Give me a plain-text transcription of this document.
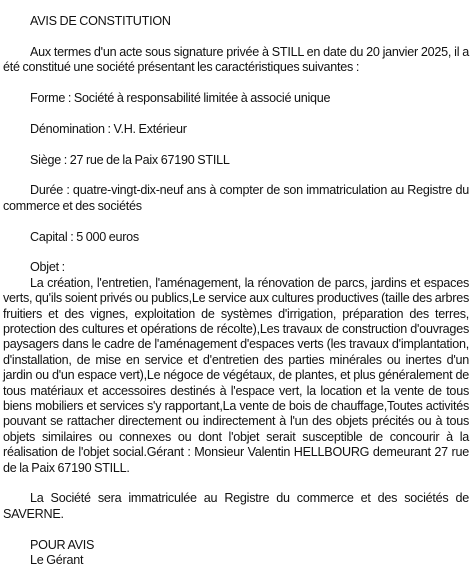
AVIS DE CONSTITUTION

Aux termes d'un acte sous signature privée à STILL en date du 20 janvier 2025, il a été constitué une société présentant les caractéristiques suivantes :

Forme : Société à responsabilité limitée à associé unique

Dénomination : V.H. Extérieur

Siège : 27 rue de la Paix 67190 STILL

Durée : quatre-vingt-dix-neuf ans à compter de son immatriculation au Registre du commerce et des sociétés

Capital : 5 000 euros

Objet :

La création, l'entretien, l'aménagement, la rénovation de parcs, jardins et espaces verts, qu'ils soient privés ou publics,Le service aux cultures productives (taille des arbres fruitiers et des vignes, exploitation de systèmes d'irrigation, préparation des terres, protection des cultures et opérations de récolte),Les travaux de construction d'ouvrages paysagers dans le cadre de l'aménagement d'espaces verts (les travaux d'implantation, d'installation, de mise en service et d'entretien des parties minérales ou inertes d'un jardin ou d'un espace vert),Le négoce de végétaux, de plantes, et plus généralement de tous matériaux et accessoires destinés à l'espace vert, la location et la vente de tous biens mobiliers et services s'y rapportant,La vente de bois de chauffage,Toutes activités pouvant se rattacher directement ou indirectement à l'un des objets précités ou à tous objets similaires ou connexes ou dont l'objet serait susceptible de concourir à la réalisation de l'objet social.Gérant : Monsieur Valentin HELLBOURG demeurant 27 rue de la Paix 67190 STILL.

La Société sera immatriculée au Registre du commerce et des sociétés de SAVERNE.

POUR AVIS

Le Gérant
